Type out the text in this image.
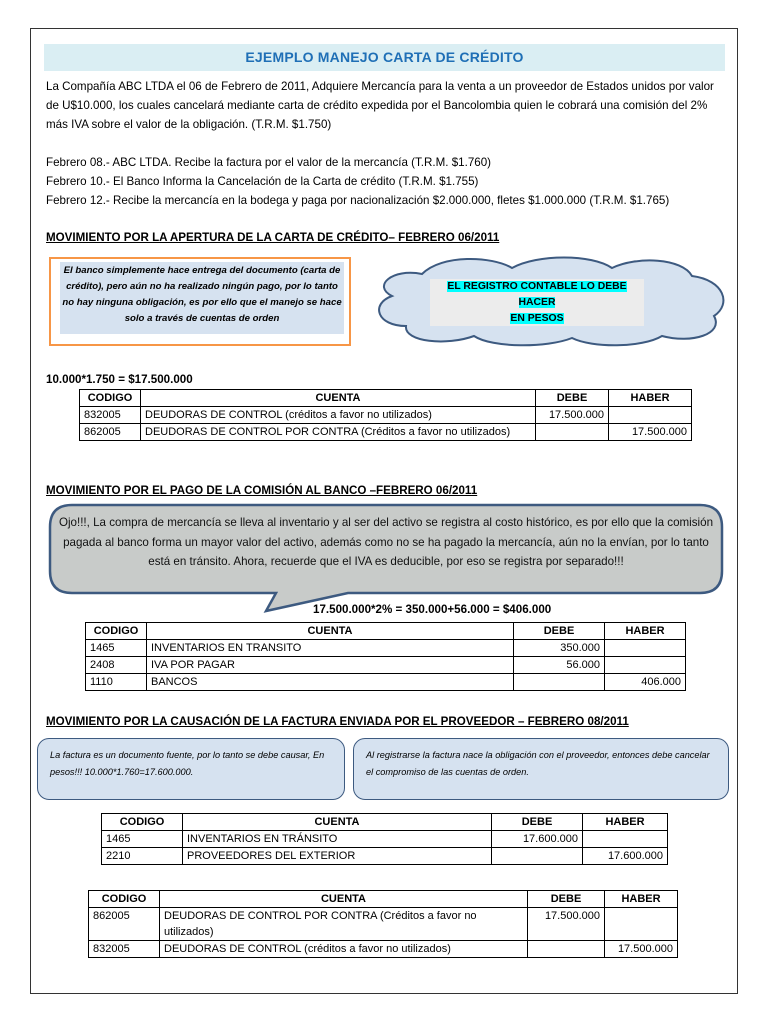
EJEMPLO MANEJO CARTA DE CRÉDITO
La Compañía ABC LTDA el 06 de Febrero de 2011, Adquiere Mercancía para la venta a un proveedor de Estados unidos por valor de U$10.000, los cuales cancelará mediante carta de crédito expedida por el Bancolombia quien le cobrará una comisión del 2% más IVA sobre el valor de la obligación. (T.R.M. $1.750)
Febrero 08.- ABC LTDA. Recibe la factura por el valor de la mercancía (T.R.M. $1.760)
Febrero 10.- El Banco Informa la Cancelación de la Carta de crédito (T.R.M. $1.755)
Febrero 12.- Recibe la mercancía en la bodega y paga por nacionalización $2.000.000, fletes $1.000.000 (T.R.M. $1.765)
MOVIMIENTO POR LA APERTURA DE LA CARTA DE CRÉDITO– FEBRERO 06/2011
El banco simplemente hace entrega del documento (carta de crédito), pero aún no ha realizado ningún pago, por lo tanto no hay ninguna obligación, es por ello que el manejo se hace solo a través de cuentas de orden
EL REGISTRO CONTABLE LO DEBE HACER
EN PESOS
10.000*1.750 = $17.500.000
CODIGO	CUENTA	DEBE	HABER
832005	DEUDORAS DE CONTROL (créditos a favor no utilizados)	17.500.000	
862005	DEUDORAS DE CONTROL POR CONTRA (Créditos a favor no utilizados)		17.500.000
MOVIMIENTO POR EL PAGO DE LA COMISIÓN AL BANCO –FEBRERO 06/2011
Ojo!!!, La compra de mercancía se lleva al inventario y al ser del activo se registra al costo histórico, es por ello que la comisión pagada al banco forma un mayor valor del activo, además como no se ha pagado la mercancía, aún no la envían, por lo tanto está en tránsito. Ahora, recuerde que el IVA es deducible, por eso se registra por separado!!!
17.500.000*2% = 350.000+56.000 = $406.000
CODIGO	CUENTA	DEBE	HABER
1465	INVENTARIOS EN TRANSITO	350.000	
2408	IVA POR PAGAR	56.000	
1110	BANCOS		406.000
MOVIMIENTO POR LA CAUSACIÓN DE LA FACTURA ENVIADA POR EL PROVEEDOR – FEBRERO 08/2011
La factura es un documento fuente, por lo tanto se debe causar, En pesos!!! 10.000*1.760=17.600.000.
Al registrarse la factura nace la obligación con el proveedor, entonces debe cancelar el compromiso de las cuentas de orden.
CODIGO	CUENTA	DEBE	HABER
1465	INVENTARIOS EN TRÁNSITO	17.600.000	
2210	PROVEEDORES DEL EXTERIOR		17.600.000
CODIGO	CUENTA	DEBE	HABER
862005	DEUDORAS DE CONTROL POR CONTRA (Créditos a favor no utilizados)	17.500.000	
832005	DEUDORAS DE CONTROL (créditos a favor no utilizados)		17.500.000
